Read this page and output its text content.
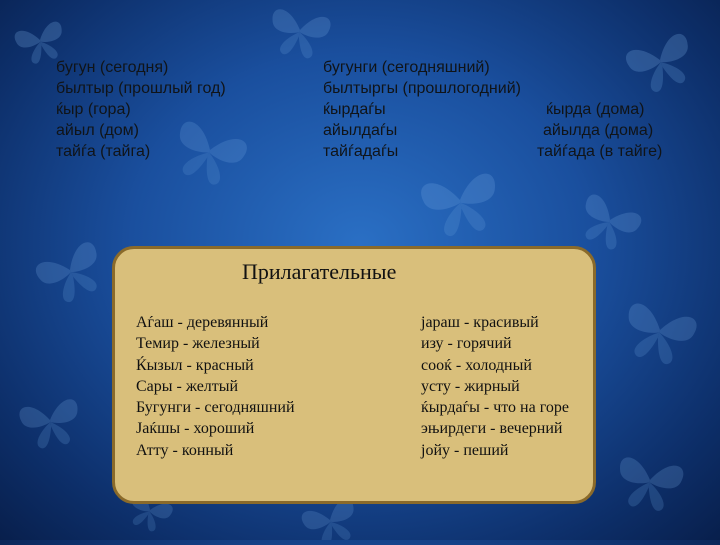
бугун (сегодня)	бугунги (сегодняшний)
былтыр (прошлый год)	былтыргы (прошлогодний)
ќыр (гора)	ќырдаѓы	ќырда (дома)
айыл (дом)	айылдаѓы	айылда (дома)
тайѓа (тайга)	тайѓадаѓы	тайѓада (в тайге)
Прилагательные
Аѓаш - деревянный
Темир - железный
Ќызыл - красный
Сары - желтый
Бугунги - сегодняшний
Јаќшы - хороший
Атту - конный
јараш - красивый
изу - горячий
сооќ - холодный
усту - жирный
ќырдаѓы - что на горе
эњирдеги - вечерний
јойу - пеший
